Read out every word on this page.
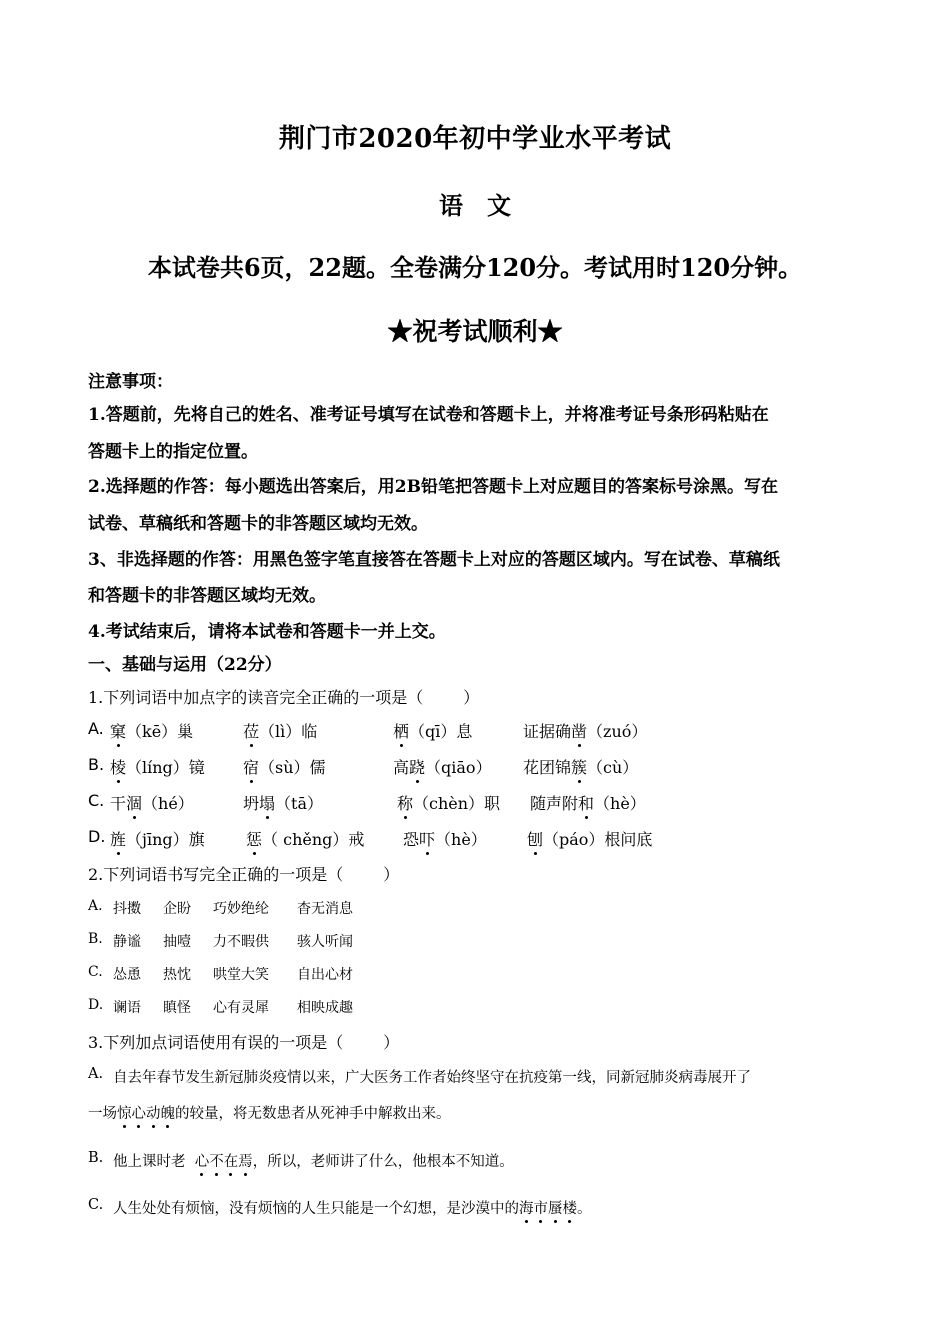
荆门市2020年初中学业水平考试
语　文
本试卷共6页，22题。全卷满分120分。考试用时120分钟。
★祝考试顺利★
注意事项：
1.答题前，先将自己的姓名、准考证号填写在试卷和答题卡上，并将准考证号条形码粘贴在
答题卡上的指定位置。
2.选择题的作答：每小题选出答案后，用2B铅笔把答题卡上对应题目的答案标号涂黑。写在
试卷、草稿纸和答题卡的非答题区域均无效。
3、非选择题的作答：用黑色签字笔直接答在答题卡上对应的答题区域内。写在试卷、草稿纸
和答题卡的非答题区域均无效。
4.考试结束后，请将本试卷和答题卡一并上交。
一、基础与运用（22分）
1.下列词语中加点字的读音完全正确的一项是（	）
A. 窠（kē）巢	莅（lì）临	栖（qī）息	证据确凿（zuó）
B. 棱（líng）镜 宿（sù）儒	高跷（qiāo） 花团锦簇（cù）
C. 干涸（hé）	坍塌（tā）	称（chèn）职 随声附和（hè）
D. 旌（jīng）旗	惩（ chěng）戒 恐吓（hè）	刨（páo）根问底
2.下列词语书写完全正确的一项是（	）
A. 抖擞 企盼 巧妙绝纶 杳无消息
B. 静谧 抽噎 力不暇供 骇人听闻
C. 怂恿 热忱 哄堂大笑 自出心材
D. 谰语 瞋怪 心有灵犀 相映成趣
3.下列加点词语使用有误的一项是（	）
A. 自去年春节发生新冠肺炎疫情以来，广大医务工作者始终坚守在抗疫第一线，同新冠肺炎病毒展开了
一场惊心动魄的较量，将无数患者从死神手中解救出来。
B. 他上课时老 心不在焉，所以，老师讲了什么，他根本不知道。
C. 人生处处有烦恼，没有烦恼的人生只能是一个幻想，是沙漠中的海市蜃楼。
